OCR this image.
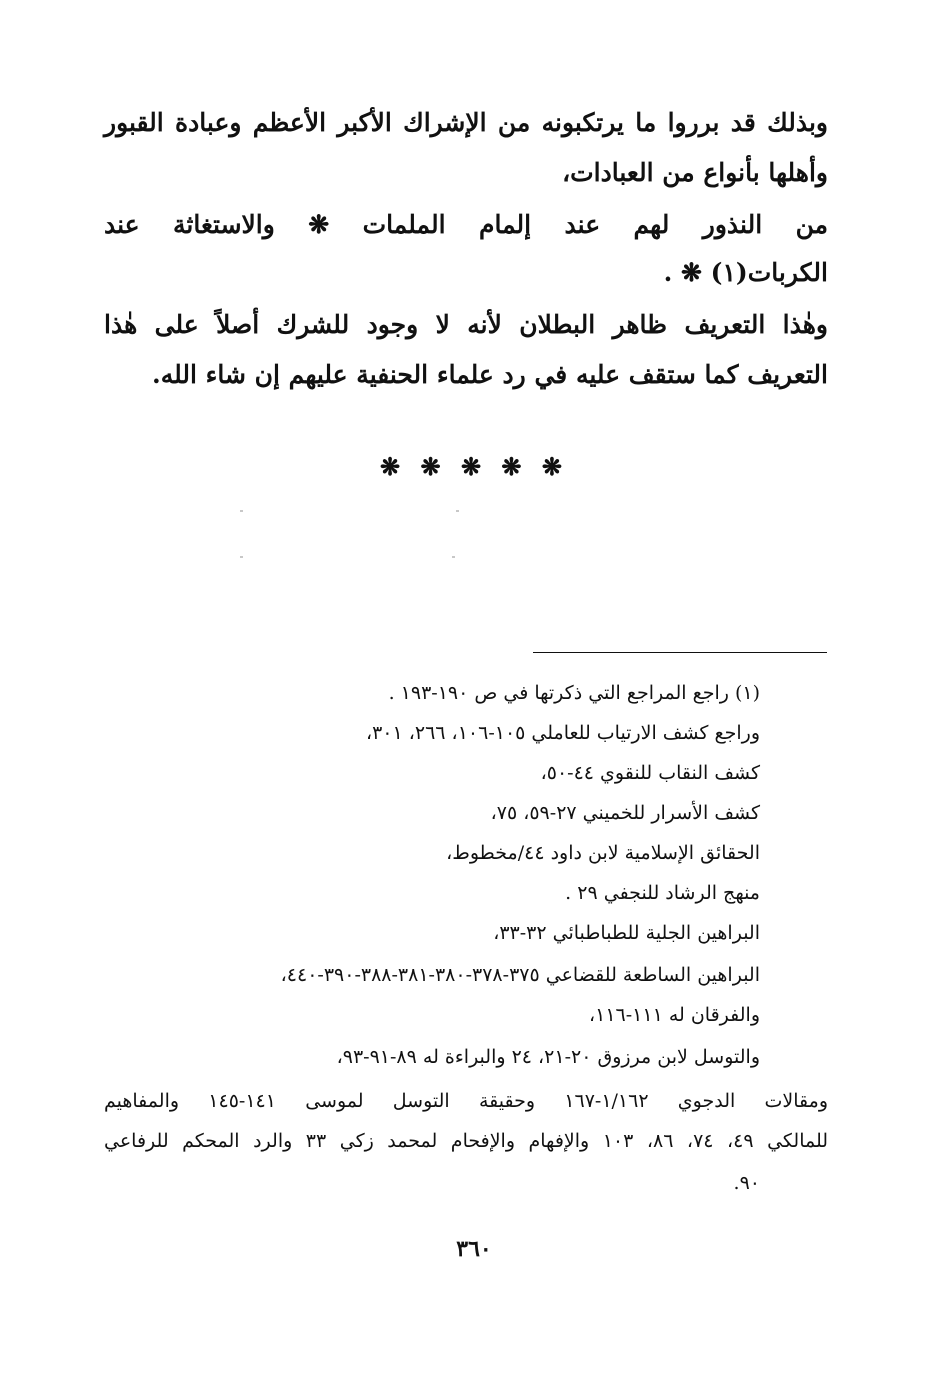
وبذلك قد برروا ما يرتكبونه من الإشراك الأكبر الأعظم وعبادة القبور
وأهلها بأنواع من العبادات،
من النذور لهم عند إلمام الملمات ❋ والاستغاثة عند
الكربات(١) ❋ .
وهٰذا التعريف ظاهر البطلان لأنه لا وجود للشرك أصلاً على هٰذا
التعريف كما ستقف عليه في رد علماء الحنفية عليهم إن شاء الله.
❋ ❋ ❋ ❋ ❋
(١) راجع المراجع التي ذكرتها في ص ١٩٠-١٩٣ .
وراجع كشف الارتياب للعاملي ١٠٥-١٠٦، ٢٦٦، ٣٠١،
كشف النقاب للنقوي ٤٤-٥٠،
كشف الأسرار للخميني ٢٧-٥٩، ٧٥،
الحقائق الإسلامية لابن داود ٤٤/مخطوط،
منهج الرشاد للنجفي ٢٩ .
البراهين الجلية للطباطبائي ٣٢-٣٣،
البراهين الساطعة للقضاعي ٣٧٥-٣٧٨-٣٨٠-٣٨١-٣٨٨-٣٩٠-٤٤٠،
والفرقان له ١١١-١١٦،
والتوسل لابن مرزوق ٢٠-٢١، ٢٤ والبراءة له ٨٩-٩١-٩٣،
ومقالات الدجوي ١/١٦٢-١٦٧ وحقيقة التوسل لموسى ١٤١-١٤٥ والمفاهيم
للمالكي ٤٩، ٧٤، ٨٦، ١٠٣ والإفهام والإفحام لمحمد زكي ٣٣ والرد المحكم للرفاعي
٩٠.
٣٦٠
